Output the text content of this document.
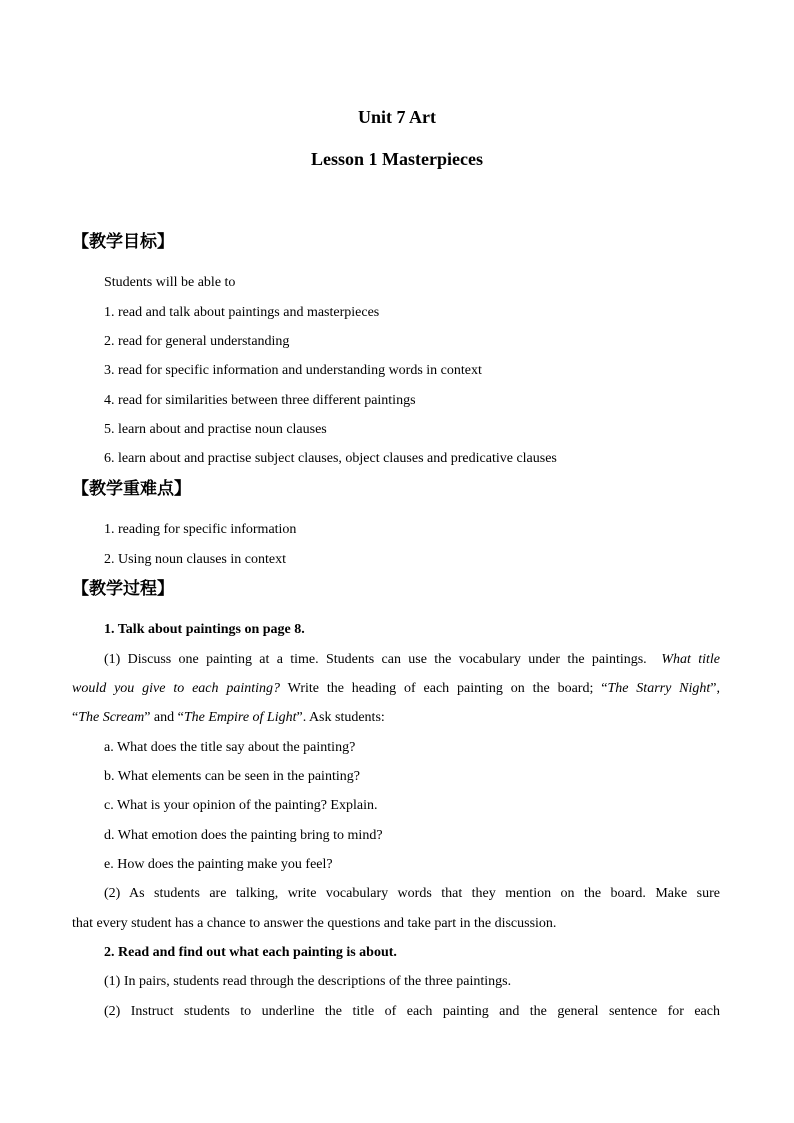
Unit 7 Art
Lesson 1 Masterpieces
【教学目标】
Students will be able to
1. read and talk about paintings and masterpieces
2. read for general understanding
3. read for specific information and understanding words in context
4. read for similarities between three different paintings
5. learn about and practise noun clauses
6. learn about and practise subject clauses, object clauses and predicative clauses
【教学重难点】
1. reading for specific information
2. Using noun clauses in context
【教学过程】
1. Talk about paintings on page 8.
(1) Discuss one painting at a time. Students can use the vocabulary under the paintings. What title
would you give to each painting? Write the heading of each painting on the board; “The Starry Night”,
“The Scream” and “The Empire of Light”. Ask students:
a. What does the title say about the painting?
b. What elements can be seen in the painting?
c. What is your opinion of the painting? Explain.
d. What emotion does the painting bring to mind?
e. How does the painting make you feel?
(2) As students are talking, write vocabulary words that they mention on the board. Make sure
that every student has a chance to answer the questions and take part in the discussion.
2. Read and find out what each painting is about.
(1) In pairs, students read through the descriptions of the three paintings.
(2) Instruct students to underline the title of each painting and the general sentence for each
